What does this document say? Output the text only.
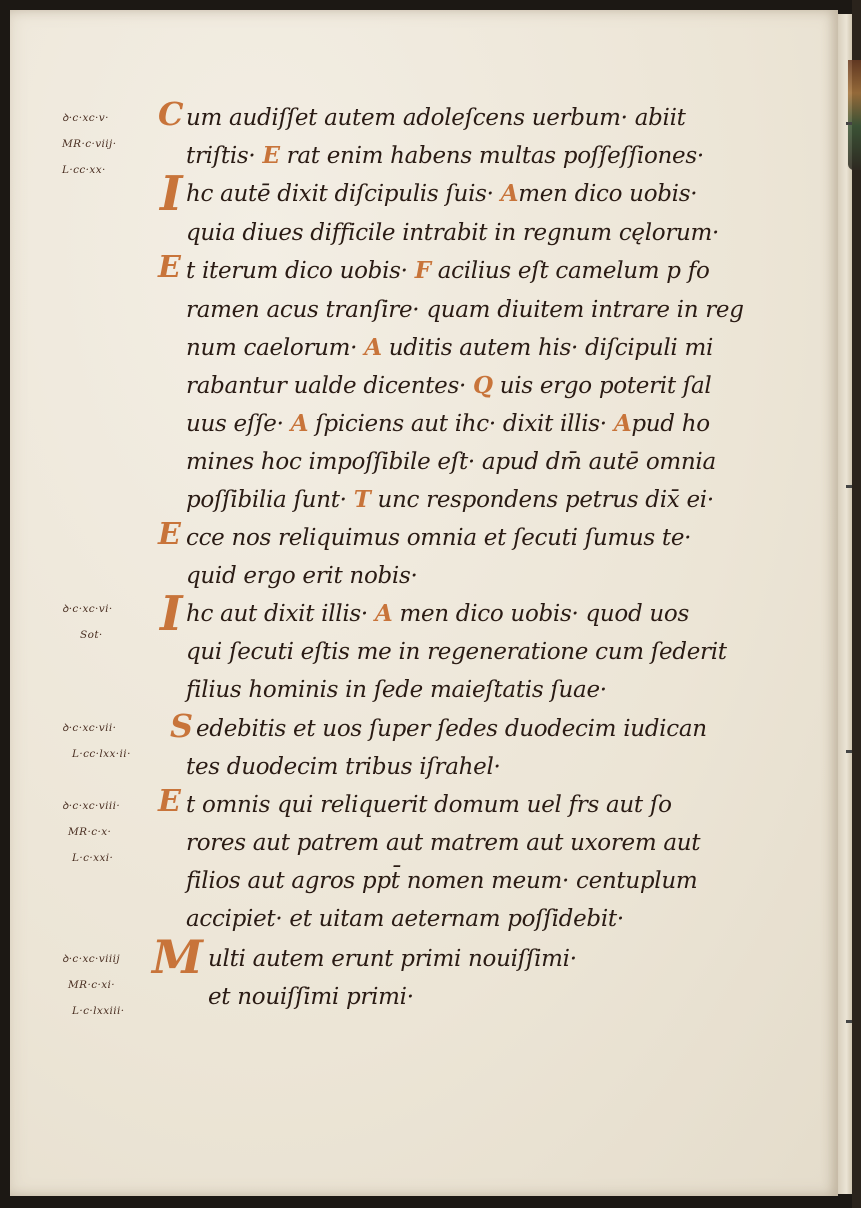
ꝺ·c·xc·v·
MR·c·viij·
L·cc·xx·
ꝺ·c·xc·vi·
Sot·
ꝺ·c·xc·vii·
L·cc·lxx·ii·
ꝺ·c·xc·viii·
MR·c·x·
L·c·xxi·
ꝺ·c·xc·viiij
MR·c·xi·
L·c·lxxiii·
C um audiſſet autem adoleſcens uerbum· abiit
triſtis· E rat enim habens multas poſſeſſiones·
I hc autē dixit diſcipulis ſuis· Amen dico uobis·
quia diues difficile intrabit in regnum cęlorum·
E t iterum dico uobis· F acilius eſt camelum p fo
ramen acus tranſire· quam diuitem intrare in reg
num caelorum· A uditis autem his· diſcipuli mi
rabantur ualde dicentes· Q uis ergo poterit ſal
uus eſſe· A ſpiciens aut ihc· dixit illis· Apud ho
mines hoc impoſſibile eſt· apud dm̄ autē omnia
poſſibilia ſunt· T unc respondens petrus dix̄ ei·
E cce nos reliquimus omnia et ſecuti ſumus te·
quid ergo erit nobis·
I hc aut dixit illis· A men dico uobis· quod uos
qui ſecuti eſtis me in regeneratione cum ſederit
filius hominis in ſede maieſtatis ſuae·
S edebitis et uos ſuper ſedes duodecim iudican
tes duodecim tribus iſrahel·
E t omnis qui reliquerit domum uel frs aut ſo
rores aut patrem aut matrem aut uxorem aut
filios aut agros ppt̄ nomen meum· centuplum
accipiet· et uitam aeternam poſſidebit·
M ulti autem erunt primi nouiſſimi·
et nouiſſimi primi·
